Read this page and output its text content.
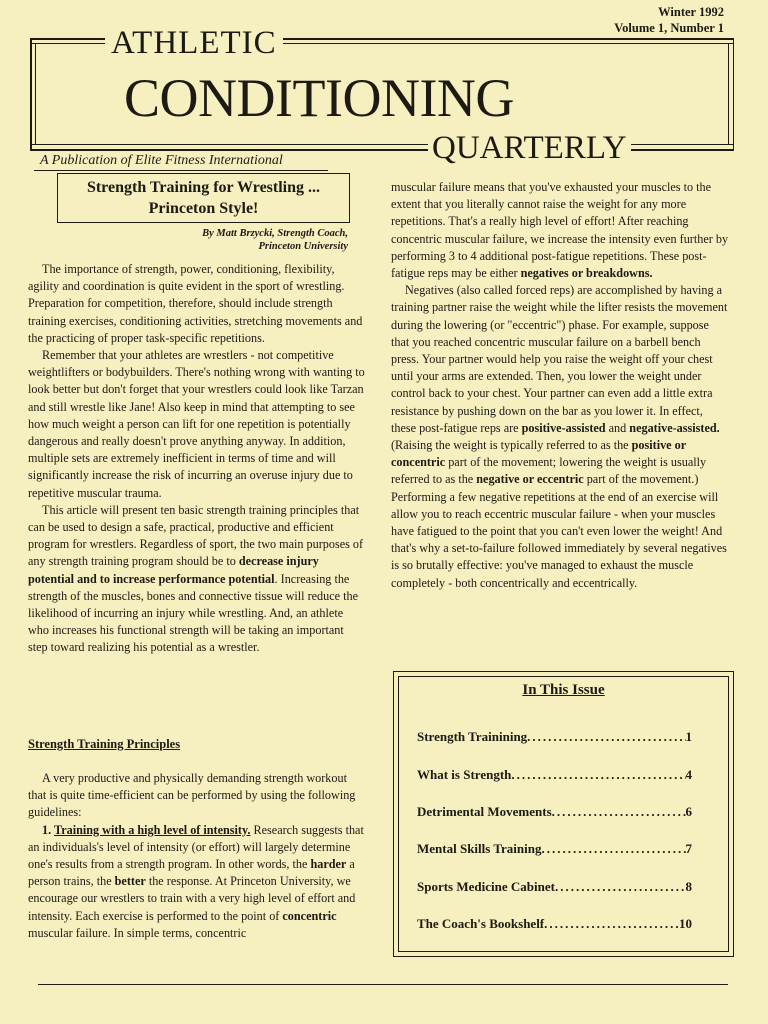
Winter 1992
Volume 1, Number 1
ATHLETIC
CONDITIONING
QUARTERLY
A Publication of Elite Fitness International
Strength Training for Wrestling ...
Princeton Style!
By Matt Brzycki, Strength Coach,
Princeton University

The importance of strength, power, conditioning, flexibility, agility and coordination is quite evident in the sport of wrestling. Preparation for competition, therefore, should include strength training exercises, conditioning activities, stretching movements and the practicing of proper task-specific repetitions.

Remember that your athletes are wrestlers - not competitive weightlifters or bodybuilders. There's nothing wrong with wanting to look better but don't forget that your wrestlers could look like Tarzan and still wrestle like Jane! Also keep in mind that attempting to see how much weight a person can lift for one repetition is potentially dangerous and really doesn't prove anything anyway. In addition, multiple sets are extremely inefficient in terms of time and will significantly increase the risk of incurring an overuse injury due to repetitive muscular trauma.

This article will present ten basic strength training principles that can be used to design a safe, practical, productive and efficient program for wrestlers. Regardless of sport, the two main purposes of any strength training program should be to decrease injury potential and to increase performance potential. Increasing the strength of the muscles, bones and connective tissue will reduce the likelihood of incurring an injury while wrestling. And, an athlete who increases his functional strength will be taking an important step toward realizing his potential as a wrestler.

Strength Training Principles

A very productive and physically demanding strength workout that is quite time-efficient can be performed by using the following guidelines:

1. Training with a high level of intensity. Research suggests that an individuals's level of intensity (or effort) will largely determine one's results from a strength program. In other words, the harder a person trains, the better the response. At Princeton University, we encourage our wrestlers to train with a very high level of effort and intensity. Each exercise is performed to the point of concentric muscular failure. In simple terms, concentric

muscular failure means that you've exhausted your muscles to the extent that you literally cannot raise the weight for any more repetitions. That's a really high level of effort! After reaching concentric muscular failure, we increase the intensity even further by performing 3 to 4 additional post-fatigue repetitions. These post-fatigue reps may be either negatives or breakdowns.

Negatives (also called forced reps) are accomplished by having a training partner raise the weight while the lifter resists the movement during the lowering (or "eccentric") phase. For example, suppose that you reached concentric muscular failure on a barbell bench press. Your partner would help you raise the weight off your chest until your arms are extended. Then, you lower the weight under control back to your chest. Your partner can even add a little extra resistance by pushing down on the bar as you lower it. In effect, these post-fatigue reps are positive-assisted and negative-assisted. (Raising the weight is typically referred to as the positive or concentric part of the movement; lowering the weight is usually referred to as the negative or eccentric part of the movement.) Performing a few negative repetitions at the end of an exercise will allow you to reach eccentric muscular failure - when your muscles have fatigued to the point that you can't even lower the weight! And that's why a set-to-failure followed immediately by several negatives is so brutally effective: you've managed to exhaust the muscle completely - both concentrically and eccentrically.

In This Issue
Strength Trainining .....	1
What is Strength .....	4
Detrimental Movements .....	6
Mental Skills Training .....	7
Sports Medicine Cabinet .....	8
The Coach's Bookshelf .....	10
